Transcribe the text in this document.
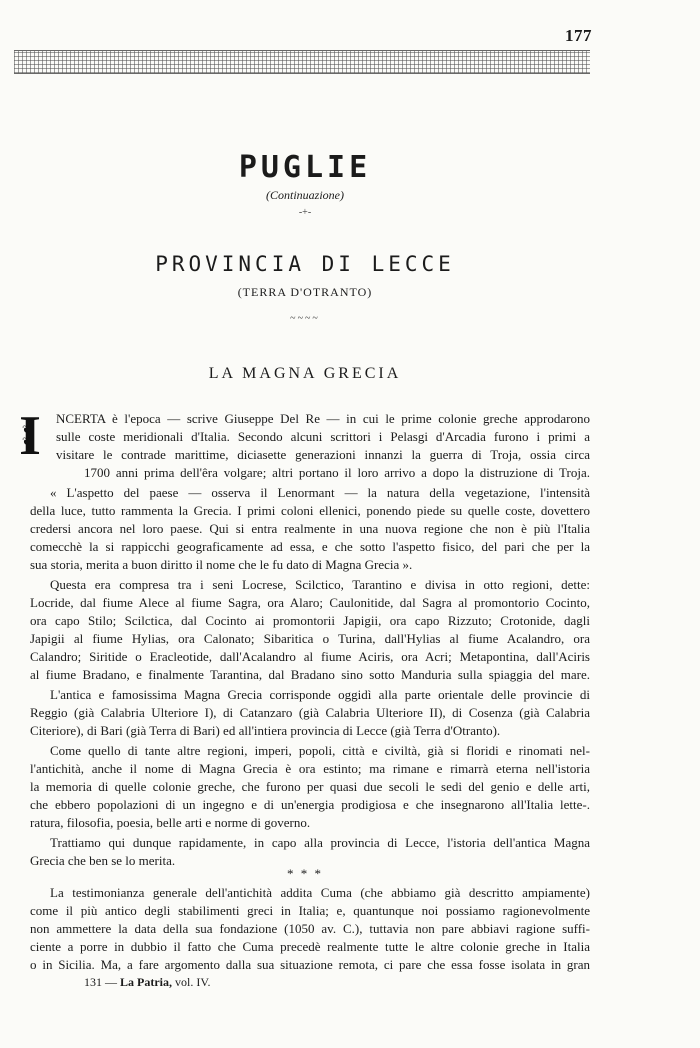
177
PUGLIE
(Continuazione)
-+-
PROVINCIA DI LECCE
(TERRA D'OTRANTO)
~~~~
LA MAGNA GRECIA
❦ I ❦	NCERTA è l'epoca — scrive Giuseppe Del Re — in cui le prime colonie greche approdarono
sulle coste meridionali d'Italia. Secondo alcuni scrittori i Pelasgi d'Arcadia furono i primi a
visitare le contrade marittime, diciasette generazioni innanzi la guerra di Troja, ossia circa
1700 anni prima dell'êra volgare; altri portano il loro arrivo a dopo la distruzione di Troja.
« L'aspetto del paese — osserva il Lenormant — la natura della vegetazione, l'intensità
della luce, tutto rammenta la Grecia. I primi coloni ellenici, ponendo piede su quelle coste, dovettero
credersi ancora nel loro paese. Qui si entra realmente in una nuova regione che non è più l'Italia
comecchè la si rappicchi geograficamente ad essa, e che sotto l'aspetto fisico, del pari che per la
sua storia, merita a buon diritto il nome che le fu dato di Magna Grecia ».
Questa era compresa tra i seni Locrese, Scilctico, Tarantino e divisa in otto regioni, dette:
Locride, dal fiume Alece al fiume Sagra, ora Alaro; Caulonitide, dal Sagra al promontorio Cocinto,
ora capo Stilo; Scilctica, dal Cocinto ai promontorii Japigii, ora capo Rizzuto; Crotonide, dagli
Japigii al fiume Hylias, ora Calonato; Sibaritica o Turina, dall'Hylias al fiume Acalandro, ora
Calandro; Siritide o Eracleotide, dall'Acalandro al fiume Aciris, ora Acri; Metapontina, dall'Aciris
al fiume Bradano, e finalmente Tarantina, dal Bradano sino sotto Manduria sulla spiaggia del mare.
L'antica e famosissima Magna Grecia corrisponde oggidì alla parte orientale delle provincie di
Reggio (già Calabria Ulteriore I), di Catanzaro (già Calabria Ulteriore II), di Cosenza (già Calabria
Citeriore), di Bari (già Terra di Bari) ed all'intiera provincia di Lecce (già Terra d'Otranto).
Come quello di tante altre regioni, imperi, popoli, città e civiltà, già si floridi e rinomati nel-
l'antichità, anche il nome di Magna Grecia è ora estinto; ma rimane e rimarrà eterna nell'istoria
la memoria di quelle colonie greche, che furono per quasi due secoli le sedi del genio e delle arti,
che ebbero popolazioni di un ingegno e di un'energia prodigiosa e che insegnarono all'Italia lette-.
ratura, filosofia, poesia, belle arti e norme di governo.
Trattiamo qui dunque rapidamente, in capo alla provincia di Lecce, l'istoria dell'antica Magna
Grecia che ben se lo merita.
La testimonianza generale dell'antichità addita Cuma (che abbiamo già descritto ampiamente)
come il più antico degli stabilimenti greci in Italia; e, quantunque noi possiamo ragionevolmente
non ammettere la data della sua fondazione (1050 av. C.), tuttavia non pare abbiavi ragione suffi-
ciente a porre in dubbio il fatto che Cuma precedè realmente tutte le altre colonie greche in Italia
o in Sicilia. Ma, a fare argomento dalla sua situazione remota, ci pare che essa fosse isolata in gran
* * *
131 — La Patria, vol. IV.
